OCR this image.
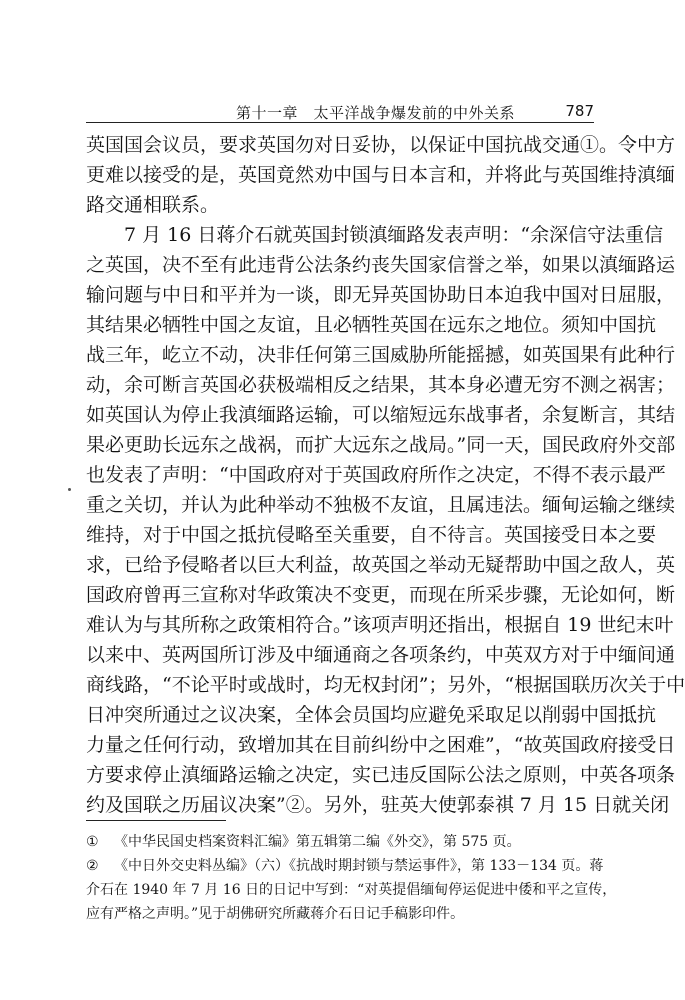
第十一章　太平洋战争爆发前的中外关系	787
英国国会议员，要求英国勿对日妥协，以保证中国抗战交通①。令中方
更难以接受的是，英国竟然劝中国与日本言和，并将此与英国维持滇缅
路交通相联系。
7 月 16 日蒋介石就英国封锁滇缅路发表声明：“余深信守法重信
之英国，决不至有此违背公法条约丧失国家信誉之举，如果以滇缅路运
输问题与中日和平并为一谈，即无异英国协助日本迫我中国对日屈服，
其结果必牺牲中国之友谊，且必牺牲英国在远东之地位。须知中国抗
战三年，屹立不动，决非任何第三国威胁所能摇撼，如英国果有此种行
动，余可断言英国必获极端相反之结果，其本身必遭无穷不测之祸害；
如英国认为停止我滇缅路运输，可以缩短远东战事者，余复断言，其结
果必更助长远东之战祸，而扩大远东之战局。”同一天，国民政府外交部
也发表了声明：“中国政府对于英国政府所作之决定，不得不表示最严
重之关切，并认为此种举动不独极不友谊，且属违法。缅甸运输之继续
维持，对于中国之抵抗侵略至关重要，自不待言。英国接受日本之要
求，已给予侵略者以巨大利益，故英国之举动无疑帮助中国之敌人，英
国政府曾再三宣称对华政策决不变更，而现在所采步骤，无论如何，断
难认为与其所称之政策相符合。”该项声明还指出，根据自 19 世纪末叶
以来中、英两国所订涉及中缅通商之各项条约，中英双方对于中缅间通
商线路，“不论平时或战时，均无权封闭”；另外，“根据国联历次关于中
日冲突所通过之议决案，全体会员国均应避免采取足以削弱中国抵抗
力量之任何行动，致增加其在目前纠纷中之困难”，“故英国政府接受日
方要求停止滇缅路运输之决定，实已违反国际公法之原则，中英各项条
约及国联之历届议决案”②。另外，驻英大使郭泰祺 7 月 15 日就关闭
① 《中华民国史档案资料汇编》第五辑第二编《外交》，第 575 页。
② 《中日外交史料丛编》（六）《抗战时期封锁与禁运事件》，第 133－134 页。蒋
介石在 1940 年 7 月 16 日的日记中写到：“对英提倡缅甸停运促进中倭和平之宣传，
应有严格之声明。”见于胡佛研究所藏蒋介石日记手稿影印件。
